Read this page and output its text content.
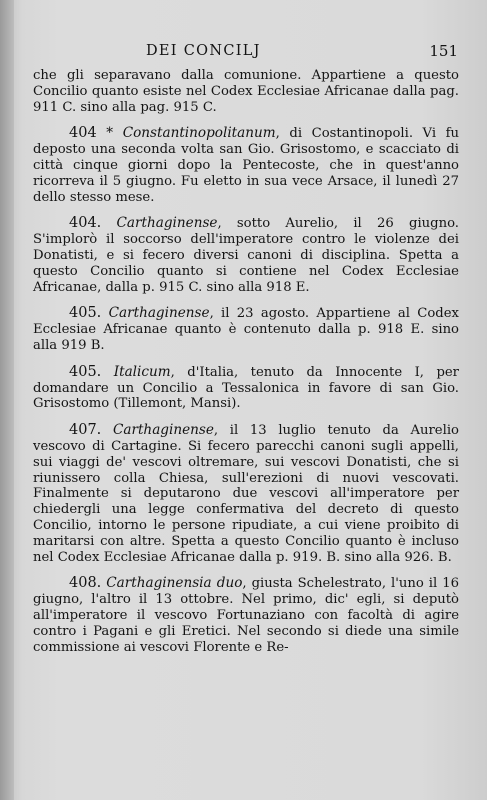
DEI CONCILJ	151

che gli separavano dalla comunione. Appartiene a questo Concilio quanto esiste nel Codex Ecclesiae Africanae dalla pag. 911 C. sino alla pag. 915 C.

404 * Constantinopolitanum, di Costantinopoli. Vi fu deposto una seconda volta san Gio. Grisostomo, e scacciato di città cinque giorni dopo la Pentecoste, che in quest'anno ricorreva il 5 giugno. Fu eletto in sua vece Arsace, il lunedì 27 dello stesso mese.

404. Carthaginense, sotto Aurelio, il 26 giugno. S'implorò il soccorso dell'imperatore contro le violenze dei Donatisti, e si fecero diversi canoni di disciplina. Spetta a questo Concilio quanto si contiene nel Codex Ecclesiae Africanae, dalla p. 915 C. sino alla 918 E.

405. Carthaginense, il 23 agosto. Appartiene al Codex Ecclesiae Africanae quanto è contenuto dalla p. 918 E. sino alla 919 B.

405. Italicum, d'Italia, tenuto da Innocente I, per domandare un Concilio a Tessalonica in favore di san Gio. Grisostomo (Tillemont, Mansi).

407. Carthaginense, il 13 luglio tenuto da Aurelio vescovo di Cartagine. Si fecero parecchi canoni sugli appelli, sui viaggi de' vescovi oltremare, sui vescovi Donatisti, che si riunissero colla Chiesa, sull'erezioni di nuovi vescovati. Finalmente si deputarono due vescovi all'imperatore per chiedergli una legge confermativa del decreto di questo Concilio, intorno le persone ripudiate, a cui viene proibito di maritarsi con altre. Spetta a questo Concilio quanto è incluso nel Codex Ecclesiae Africanae dalla p. 919. B. sino alla 926. B.

408. Carthaginensia duo, giusta Schelestrato, l'uno il 16 giugno, l'altro il 13 ottobre. Nel primo, dic' egli, si deputò all'imperatore il vescovo Fortunaziano con facoltà di agire contro i Pagani e gli Eretici. Nel secondo si diede una simile commissione ai vescovi Florente e Re-
